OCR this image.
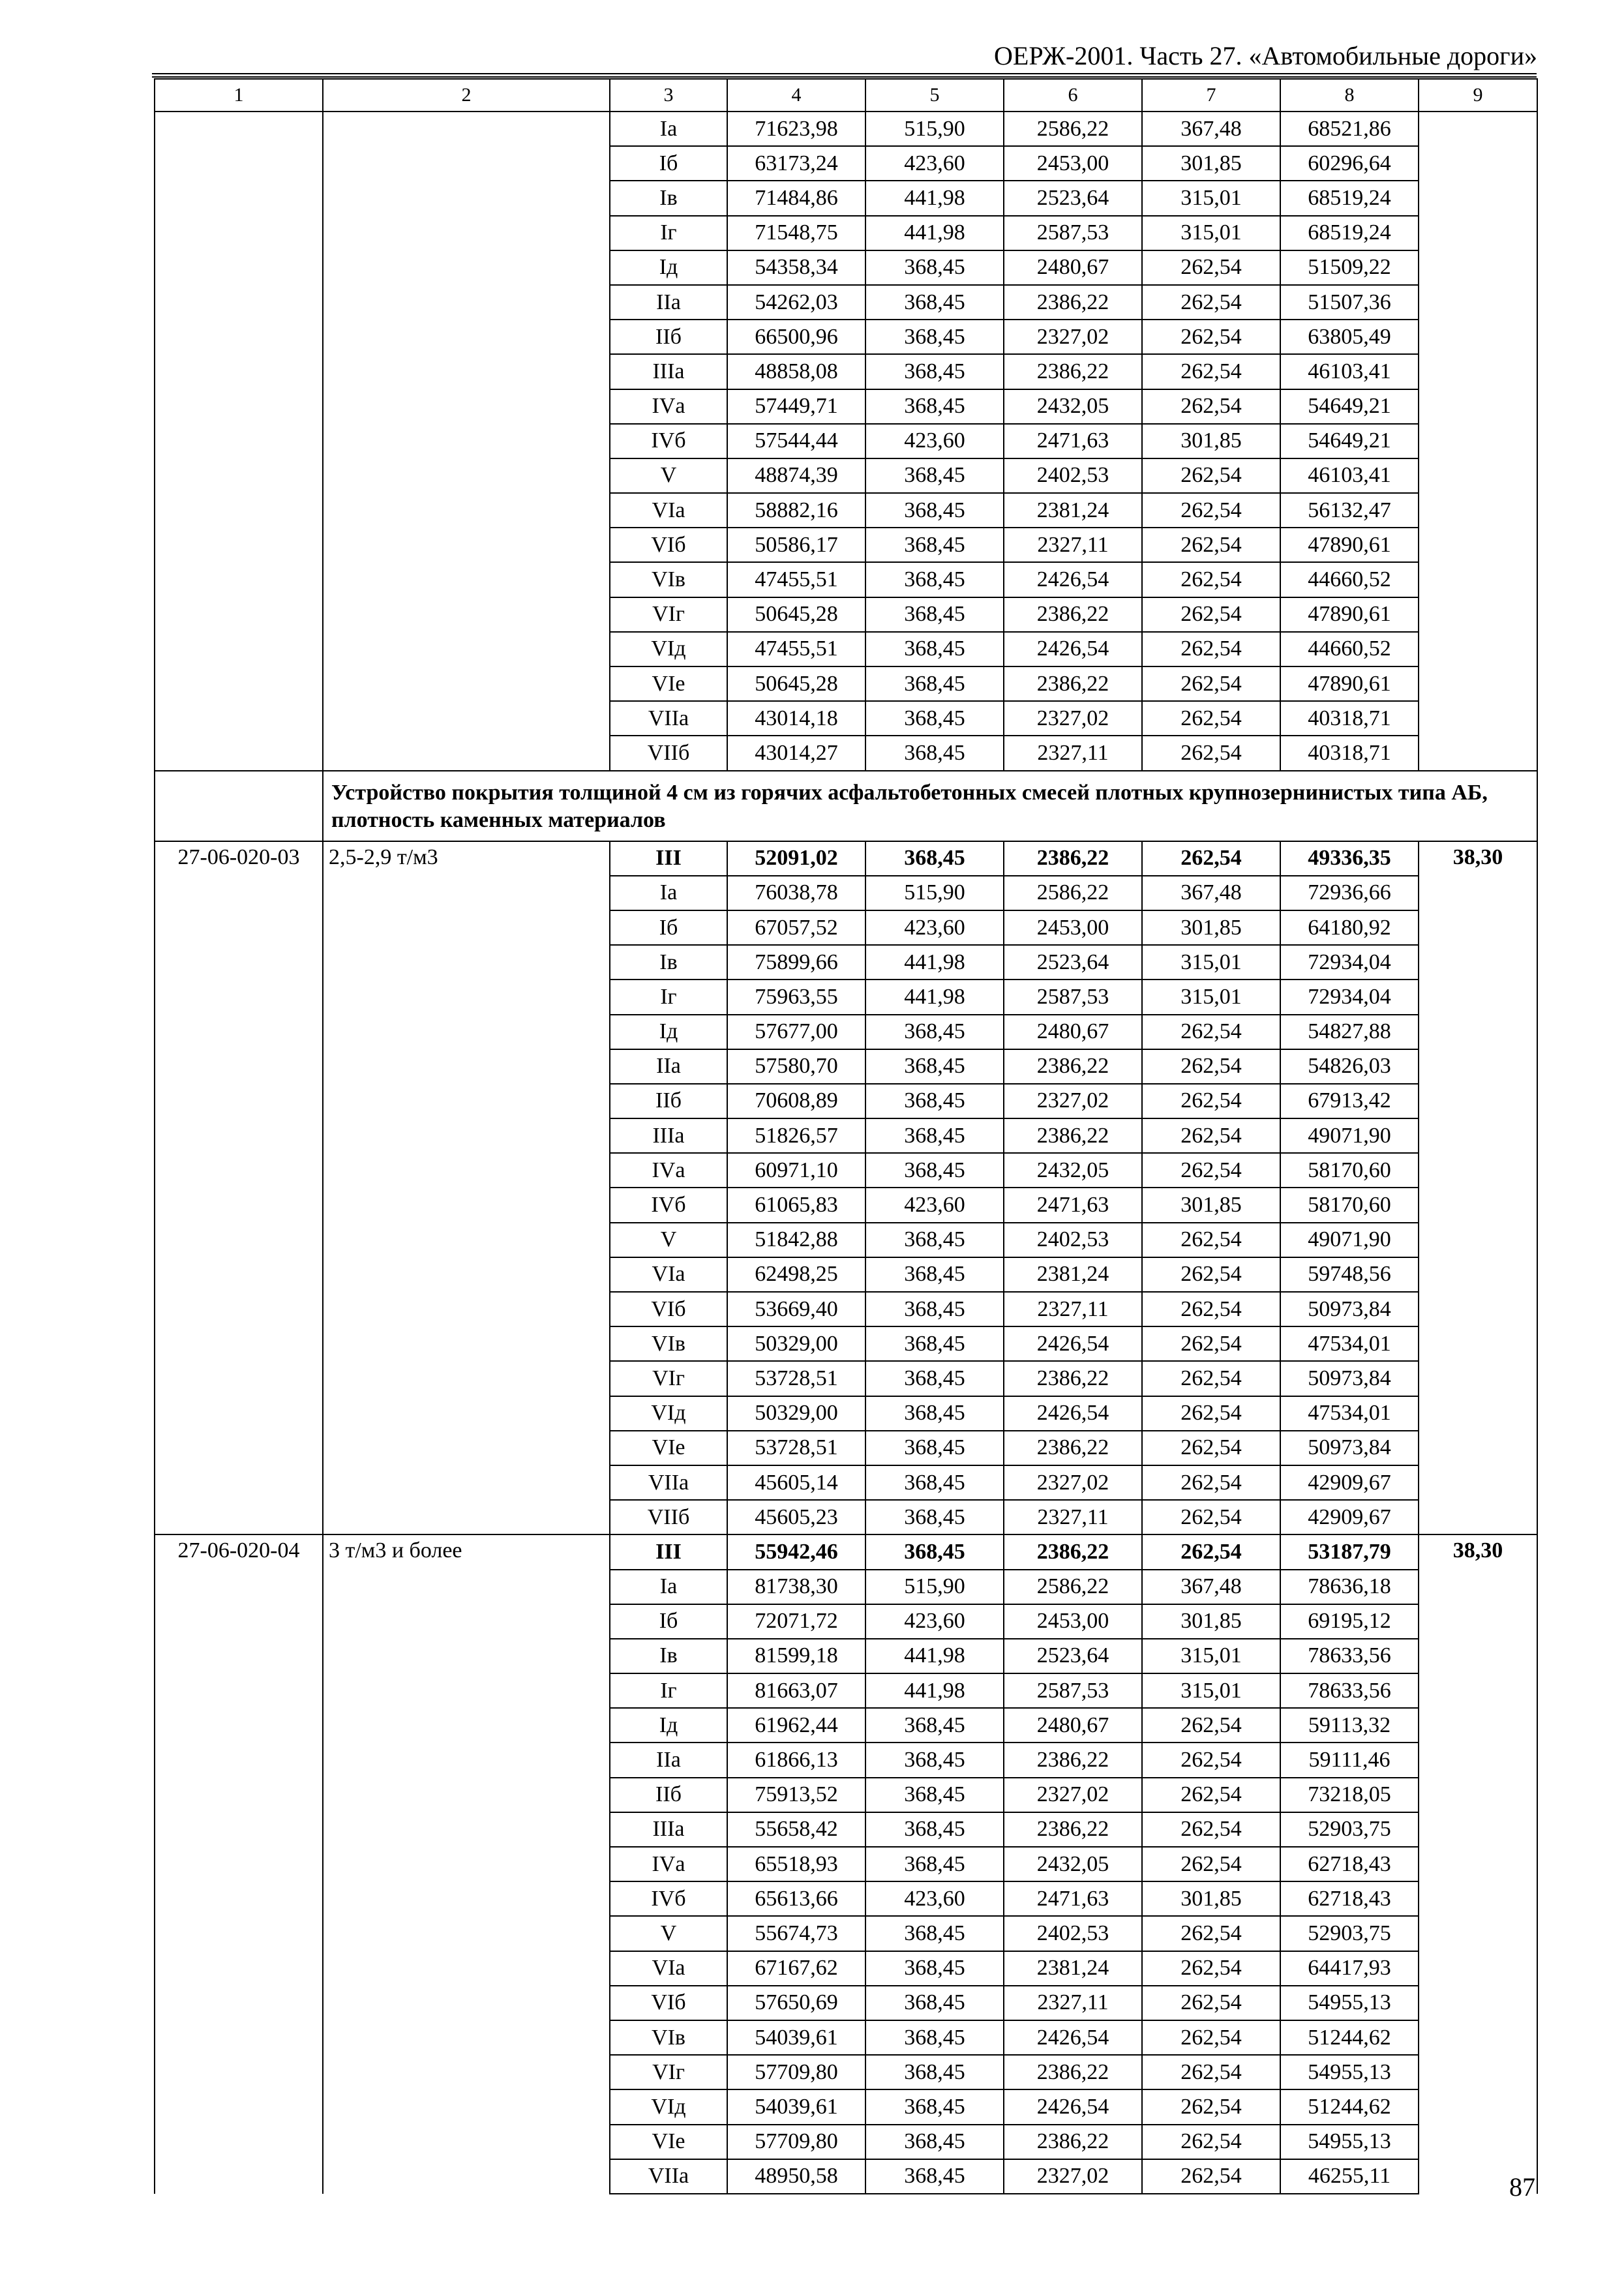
ОЕРЖ-2001. Часть 27. «Автомобильные дороги»
1	2	3	4	5	6	7	8	9
		Iа	71623,98	515,90	2586,22	367,48	68521,86	
		Iб	63173,24	423,60	2453,00	301,85	60296,64	
		Iв	71484,86	441,98	2523,64	315,01	68519,24	
		Iг	71548,75	441,98	2587,53	315,01	68519,24	
		Iд	54358,34	368,45	2480,67	262,54	51509,22	
		IIа	54262,03	368,45	2386,22	262,54	51507,36	
		IIб	66500,96	368,45	2327,02	262,54	63805,49	
		IIIа	48858,08	368,45	2386,22	262,54	46103,41	
		IVа	57449,71	368,45	2432,05	262,54	54649,21	
		IVб	57544,44	423,60	2471,63	301,85	54649,21	
		V	48874,39	368,45	2402,53	262,54	46103,41	
		VIа	58882,16	368,45	2381,24	262,54	56132,47	
		VIб	50586,17	368,45	2327,11	262,54	47890,61	
		VIв	47455,51	368,45	2426,54	262,54	44660,52	
		VIг	50645,28	368,45	2386,22	262,54	47890,61	
		VIд	47455,51	368,45	2426,54	262,54	44660,52	
		VIе	50645,28	368,45	2386,22	262,54	47890,61	
		VIIа	43014,18	368,45	2327,02	262,54	40318,71	
		VIIб	43014,27	368,45	2327,11	262,54	40318,71	
	Устройство покрытия толщиной 4 см из горячих асфальтобетонных смесей плотных крупнозернинистых типа АБ, плотность каменных материалов							
27-06-020-03	2,5-2,9 т/м3	III	52091,02	368,45	2386,22	262,54	49336,35	38,30
		Iа	76038,78	515,90	2586,22	367,48	72936,66	
		Iб	67057,52	423,60	2453,00	301,85	64180,92	
		Iв	75899,66	441,98	2523,64	315,01	72934,04	
		Iг	75963,55	441,98	2587,53	315,01	72934,04	
		Iд	57677,00	368,45	2480,67	262,54	54827,88	
		IIа	57580,70	368,45	2386,22	262,54	54826,03	
		IIб	70608,89	368,45	2327,02	262,54	67913,42	
		IIIа	51826,57	368,45	2386,22	262,54	49071,90	
		IVа	60971,10	368,45	2432,05	262,54	58170,60	
		IVб	61065,83	423,60	2471,63	301,85	58170,60	
		V	51842,88	368,45	2402,53	262,54	49071,90	
		VIа	62498,25	368,45	2381,24	262,54	59748,56	
		VIб	53669,40	368,45	2327,11	262,54	50973,84	
		VIв	50329,00	368,45	2426,54	262,54	47534,01	
		VIг	53728,51	368,45	2386,22	262,54	50973,84	
		VIд	50329,00	368,45	2426,54	262,54	47534,01	
		VIе	53728,51	368,45	2386,22	262,54	50973,84	
		VIIа	45605,14	368,45	2327,02	262,54	42909,67	
		VIIб	45605,23	368,45	2327,11	262,54	42909,67	
27-06-020-04	3 т/м3 и более	III	55942,46	368,45	2386,22	262,54	53187,79	38,30
		Iа	81738,30	515,90	2586,22	367,48	78636,18	
		Iб	72071,72	423,60	2453,00	301,85	69195,12	
		Iв	81599,18	441,98	2523,64	315,01	78633,56	
		Iг	81663,07	441,98	2587,53	315,01	78633,56	
		Iд	61962,44	368,45	2480,67	262,54	59113,32	
		IIа	61866,13	368,45	2386,22	262,54	59111,46	
		IIб	75913,52	368,45	2327,02	262,54	73218,05	
		IIIа	55658,42	368,45	2386,22	262,54	52903,75	
		IVа	65518,93	368,45	2432,05	262,54	62718,43	
		IVб	65613,66	423,60	2471,63	301,85	62718,43	
		V	55674,73	368,45	2402,53	262,54	52903,75	
		VIа	67167,62	368,45	2381,24	262,54	64417,93	
		VIб	57650,69	368,45	2327,11	262,54	54955,13	
		VIв	54039,61	368,45	2426,54	262,54	51244,62	
		VIг	57709,80	368,45	2386,22	262,54	54955,13	
		VIд	54039,61	368,45	2426,54	262,54	51244,62	
		VIе	57709,80	368,45	2386,22	262,54	54955,13	
		VIIа	48950,58	368,45	2327,02	262,54	46255,11		87
